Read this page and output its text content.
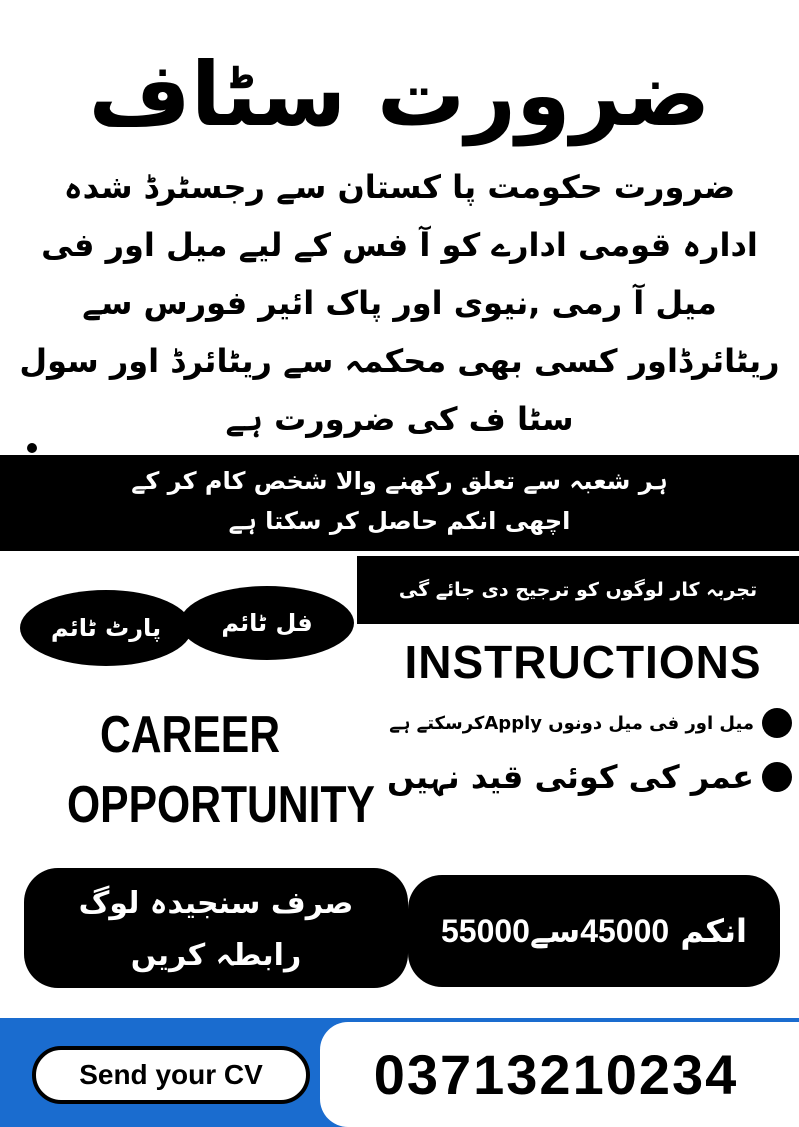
ضرورت سٹاف
ضرورت حکومت پا کستان سے رجسٹرڈ شدہ
ادارہ قومی ادارے کو آ فس کے لیے میل اور فی
میل آ رمی ,نیوی اور پاک ائیر فورس سے
ریٹائرڈاور کسی بھی محکمہ سے ریٹائرڈ اور سول
سٹا ف کی ضرورت ہے
ہر شعبہ سے تعلق رکھنے والا شخص کام کر کے
اچھی انکم حاصل کر سکتا ہے
تجربہ کار لوگوں کو ترجیح دی جائے گی
پارٹ ٹائم	فل ٹائم
INSTRUCTIONS
میل اور فی میل دونوں Applyکرسکتے ہے
عمر کی کوئی قید نہیں
CAREER
OPPORTUNITY
صرف سنجیدہ لوگ
رابطہ کریں
انکم 45000سے55000
Send your CV	03713210234
